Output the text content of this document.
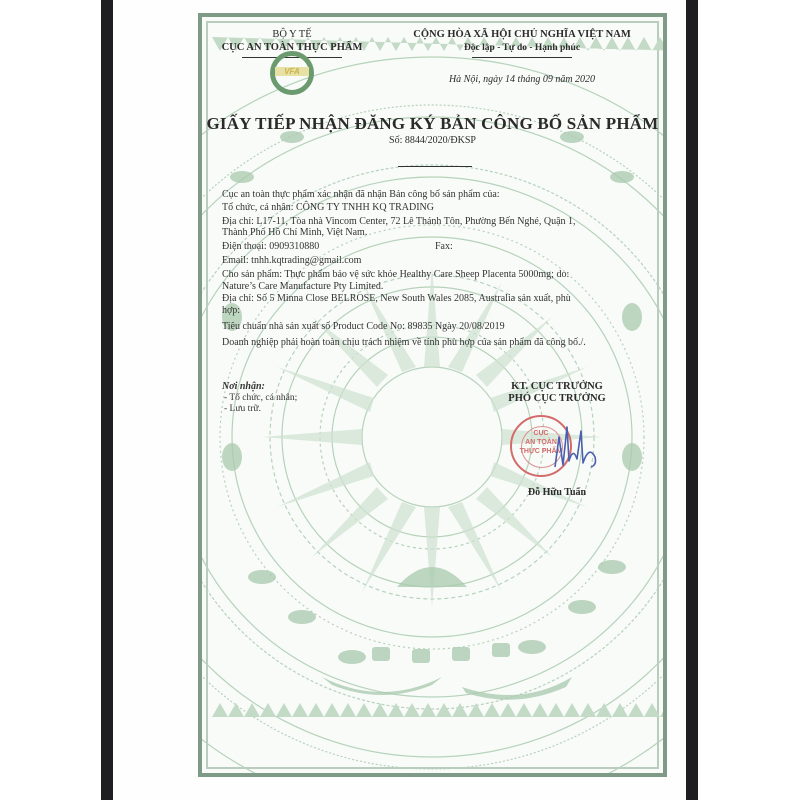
BỘ Y TẾ
CỤC AN TOÀN THỰC PHẨM
VFA
CỘNG HÒA XÃ HỘI CHỦ NGHĨA VIỆT NAM
Độc lập - Tự do - Hạnh phúc
Hà Nội, ngày 14 tháng 09 năm 2020
GIẤY TIẾP NHẬN ĐĂNG KÝ BẢN CÔNG BỐ SẢN PHẨM
Số: 8844/2020/ĐKSP
Cục an toàn thực phẩm xác nhận đã nhận Bản công bố sản phẩm của:
Tổ chức, cá nhân: CÔNG TY TNHH KQ TRADING
Địa chỉ: L17-11, Tòa nhà Vincom Center, 72 Lê Thánh Tôn, Phường Bến Nghé, Quận 1,
Thành Phố Hồ Chí Minh, Việt Nam.
Điện thoại: 0909310880	Fax:
Email: tnhh.kqtrading@gmail.com
Cho sản phẩm: Thực phẩm bảo vệ sức khỏe Healthy Care Sheep Placenta 5000mg; do:
Nature’s Care Manufacture Pty Limited.
Địa chỉ: Số 5 Minna Close BELROSE, New South Wales 2085, Australia sản xuất, phù
hợp:
Tiêu chuẩn nhà sản xuất số Product Code No: 89835 Ngày 20/08/2019
Doanh nghiệp phải hoàn toàn chịu trách nhiệm về tính phù hợp của sản phẩm đã công bố./.
Nơi nhận:
- Tổ chức, cá nhân;
- Lưu trữ.
KT. CỤC TRƯỞNG
PHÓ CỤC TRƯỞNG
CỤC
AN TOÀN
THỰC PHẨM
Đỗ Hữu Tuấn
